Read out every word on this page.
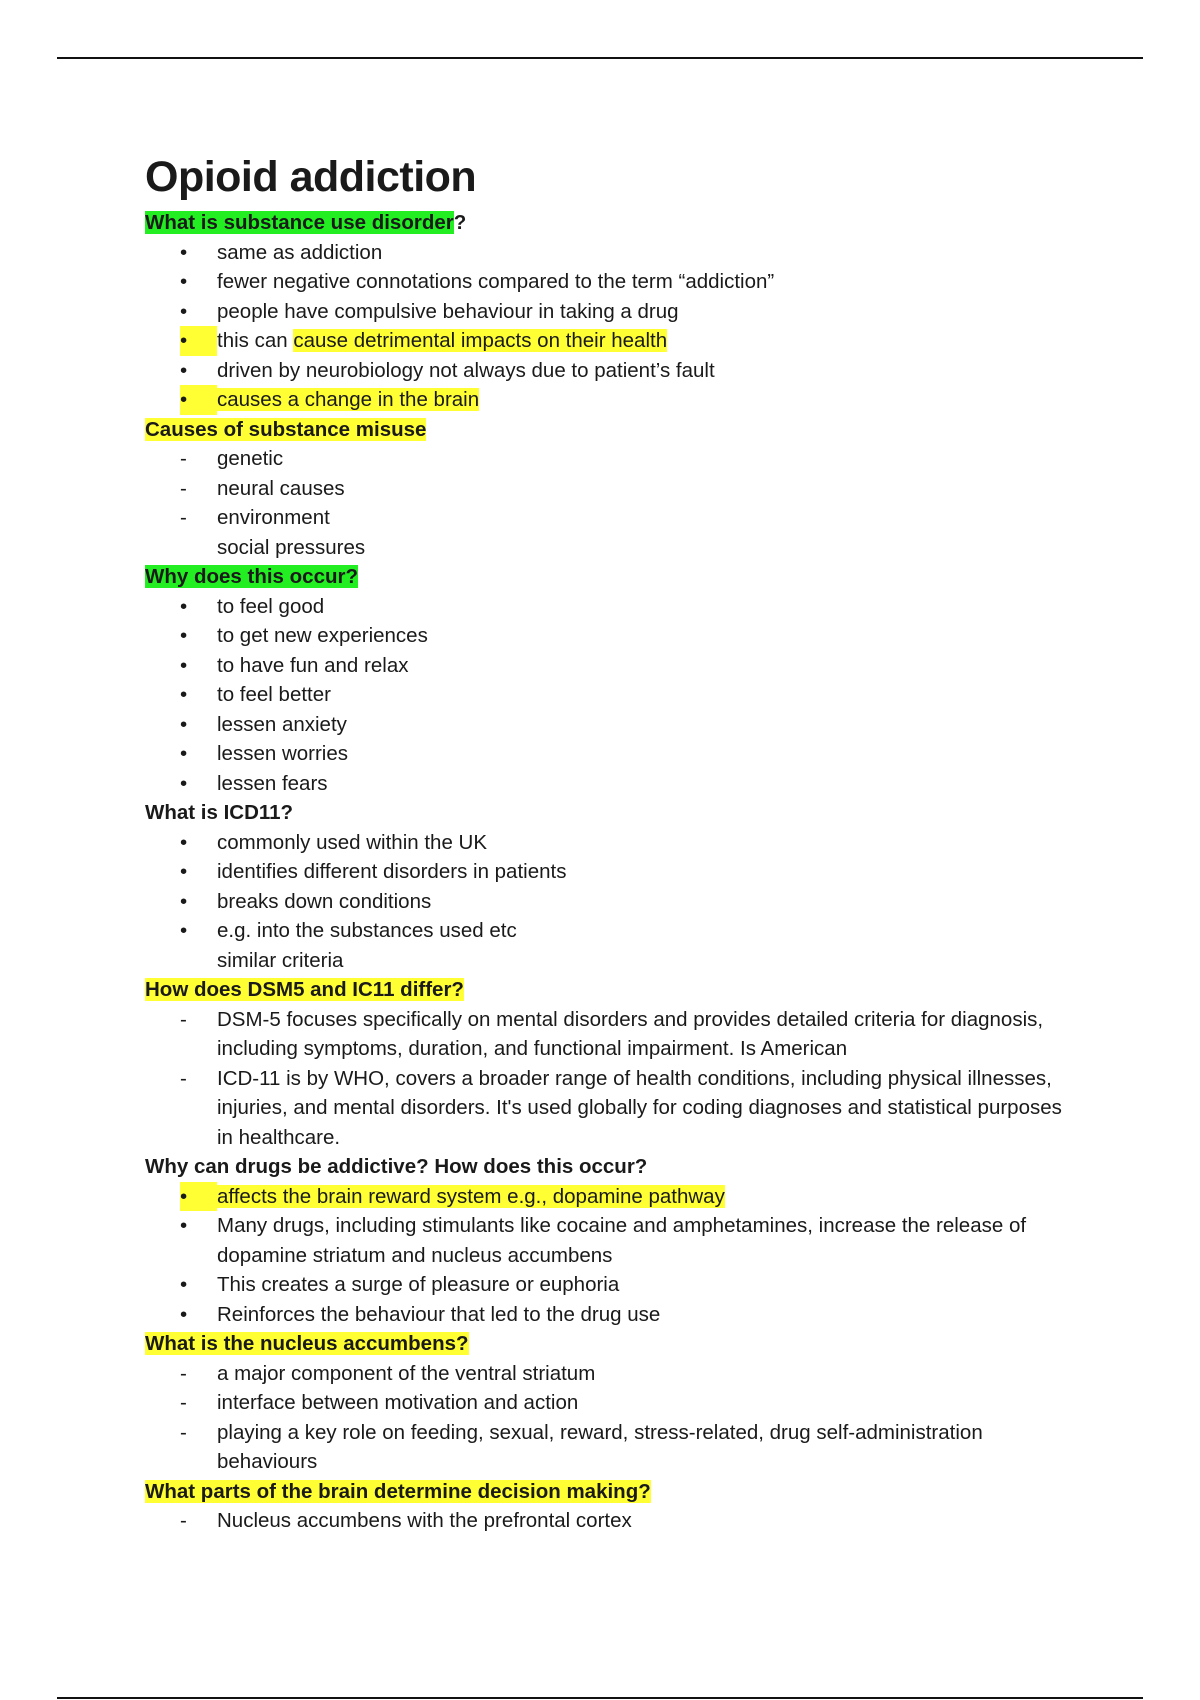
Opioid addiction

What is substance use disorder?

•	same as addiction
•	fewer negative connotations compared to the term “addiction”
•	people have compulsive behaviour in taking a drug
•	this can cause detrimental impacts on their health
•	driven by neurobiology not always due to patient’s fault
•	causes a change in the brain

Causes of substance misuse

-	genetic
-	neural causes
-	environment
social pressures

Why does this occur?

•	to feel good
•	to get new experiences
•	to have fun and relax
•	to feel better
•	lessen anxiety
•	lessen worries
•	lessen fears

What is ICD11?

•	commonly used within the UK
•	identifies different disorders in patients
•	breaks down conditions
•	e.g. into the substances used etc
similar criteria

How does DSM5 and IC11 differ?

-	DSM-5 focuses specifically on mental disorders and provides detailed criteria for diagnosis, including symptoms, duration, and functional impairment. Is American
-	ICD-11 is by WHO, covers a broader range of health conditions, including physical illnesses, injuries, and mental disorders. It's used globally for coding diagnoses and statistical purposes in healthcare.

Why can drugs be addictive? How does this occur?

•	affects the brain reward system e.g., dopamine pathway
•	Many drugs, including stimulants like cocaine and amphetamines, increase the release of dopamine striatum and nucleus accumbens
•	This creates a surge of pleasure or euphoria
•	Reinforces the behaviour that led to the drug use

What is the nucleus accumbens?

-	a major component of the ventral striatum
-	interface between motivation and action
-	playing a key role on feeding, sexual, reward, stress-related, drug self-administration behaviours

What parts of the brain determine decision making?

-	Nucleus accumbens with the prefrontal cortex
